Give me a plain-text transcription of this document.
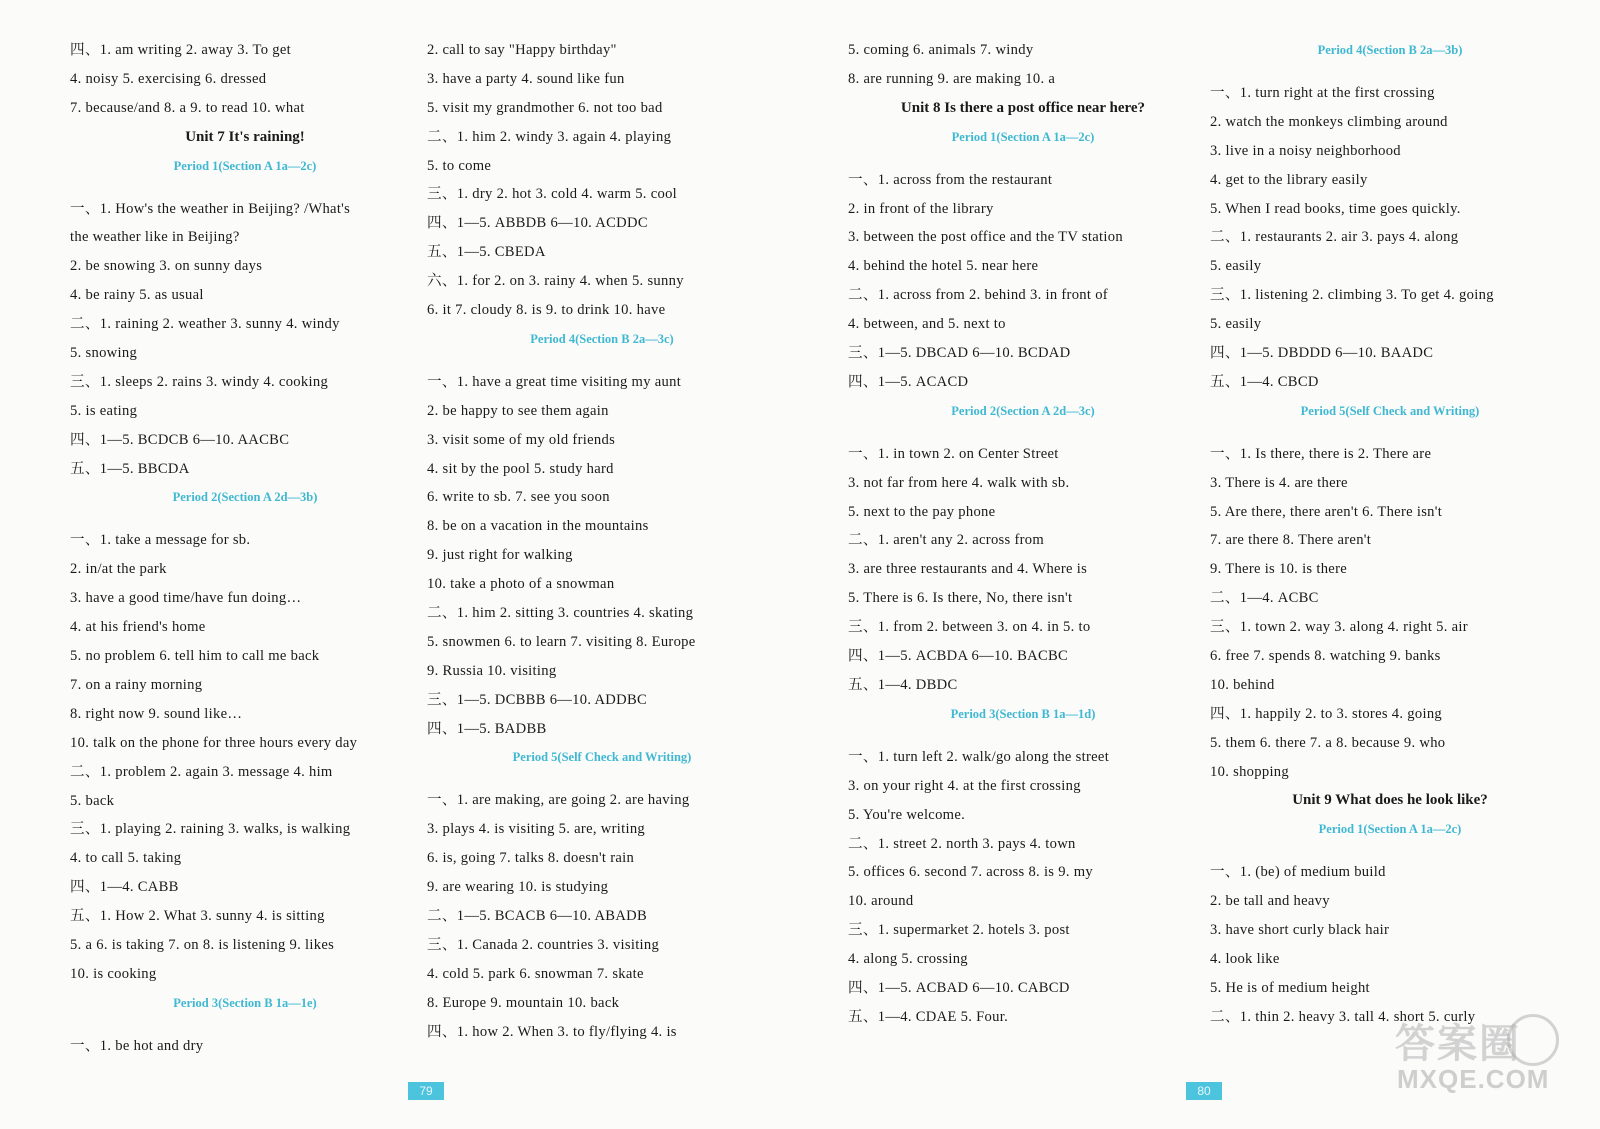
四、1. am writing 2. away 3. To get
4. noisy 5. exercising 6. dressed
7. because/and 8. a 9. to read 10. what
Unit 7 It's raining!
Period 1(Section A 1a—2c)
一、1. How's the weather in Beijing? /What's
the weather like in Beijing?
2. be snowing 3. on sunny days
4. be rainy 5. as usual
二、1. raining 2. weather 3. sunny 4. windy
5. snowing
三、1. sleeps 2. rains 3. windy 4. cooking
5. is eating
四、1—5. BCDCB 6—10. AACBC
五、1—5. BBCDA
Period 2(Section A 2d—3b)
一、1. take a message for sb.
2. in/at the park
3. have a good time/have fun doing…
4. at his friend's home
5. no problem 6. tell him to call me back
7. on a rainy morning
8. right now 9. sound like…
10. talk on the phone for three hours every day
二、1. problem 2. again 3. message 4. him
5. back
三、1. playing 2. raining 3. walks, is walking
4. to call 5. taking
四、1—4. CABB
五、1. How 2. What 3. sunny 4. is sitting
5. a 6. is taking 7. on 8. is listening 9. likes
10. is cooking
Period 3(Section B 1a—1e)
一、1. be hot and dry
2. call to say "Happy birthday"
3. have a party 4. sound like fun
5. visit my grandmother 6. not too bad
二、1. him 2. windy 3. again 4. playing
5. to come
三、1. dry 2. hot 3. cold 4. warm 5. cool
四、1—5. ABBDB 6—10. ACDDC
五、1—5. CBEDA
六、1. for 2. on 3. rainy 4. when 5. sunny
6. it 7. cloudy 8. is 9. to drink 10. have
Period 4(Section B 2a—3c)
一、1. have a great time visiting my aunt
2. be happy to see them again
3. visit some of my old friends
4. sit by the pool 5. study hard
6. write to sb. 7. see you soon
8. be on a vacation in the mountains
9. just right for walking
10. take a photo of a snowman
二、1. him 2. sitting 3. countries 4. skating
5. snowmen 6. to learn 7. visiting 8. Europe
9. Russia 10. visiting
三、1—5. DCBBB 6—10. ADDBC
四、1—5. BADBB
Period 5(Self Check and Writing)
一、1. are making, are going 2. are having
3. plays 4. is visiting 5. are, writing
6. is, going 7. talks 8. doesn't rain
9. are wearing 10. is studying
二、1—5. BCACB 6—10. ABADB
三、1. Canada 2. countries 3. visiting
4. cold 5. park 6. snowman 7. skate
8. Europe 9. mountain 10. back
四、1. how 2. When 3. to fly/flying 4. is
5. coming 6. animals 7. windy
8. are running 9. are making 10. a
Unit 8 Is there a post office near here?
Period 1(Section A 1a—2c)
一、1. across from the restaurant
2. in front of the library
3. between the post office and the TV station
4. behind the hotel 5. near here
二、1. across from 2. behind 3. in front of
4. between, and 5. next to
三、1—5. DBCAD 6—10. BCDAD
四、1—5. ACACD
Period 2(Section A 2d—3c)
一、1. in town 2. on Center Street
3. not far from here 4. walk with sb.
5. next to the pay phone
二、1. aren't any 2. across from
3. are three restaurants and 4. Where is
5. There is 6. Is there, No, there isn't
三、1. from 2. between 3. on 4. in 5. to
四、1—5. ACBDA 6—10. BACBC
五、1—4. DBDC
Period 3(Section B 1a—1d)
一、1. turn left 2. walk/go along the street
3. on your right 4. at the first crossing
5. You're welcome.
二、1. street 2. north 3. pays 4. town
5. offices 6. second 7. across 8. is 9. my
10. around
三、1. supermarket 2. hotels 3. post
4. along 5. crossing
四、1—5. ACBAD 6—10. CABCD
五、1—4. CDAE 5. Four.
Period 4(Section B 2a—3b)
一、1. turn right at the first crossing
2. watch the monkeys climbing around
3. live in a noisy neighborhood
4. get to the library easily
5. When I read books, time goes quickly.
二、1. restaurants 2. air 3. pays 4. along
5. easily
三、1. listening 2. climbing 3. To get 4. going
5. easily
四、1—5. DBDDD 6—10. BAADC
五、1—4. CBCD
Period 5(Self Check and Writing)
一、1. Is there, there is 2. There are
3. There is 4. are there
5. Are there, there aren't 6. There isn't
7. are there 8. There aren't
9. There is 10. is there
二、1—4. ACBC
三、1. town 2. way 3. along 4. right 5. air
6. free 7. spends 8. watching 9. banks
10. behind
四、1. happily 2. to 3. stores 4. going
5. them 6. there 7. a 8. because 9. who
10. shopping
Unit 9 What does he look like?
Period 1(Section A 1a—2c)
一、1. (be) of medium build
2. be tall and heavy
3. have short curly black hair
4. look like
5. He is of medium height
二、1. thin 2. heavy 3. tall 4. short 5. curly
79	80
答案圈
MXQE.COM
